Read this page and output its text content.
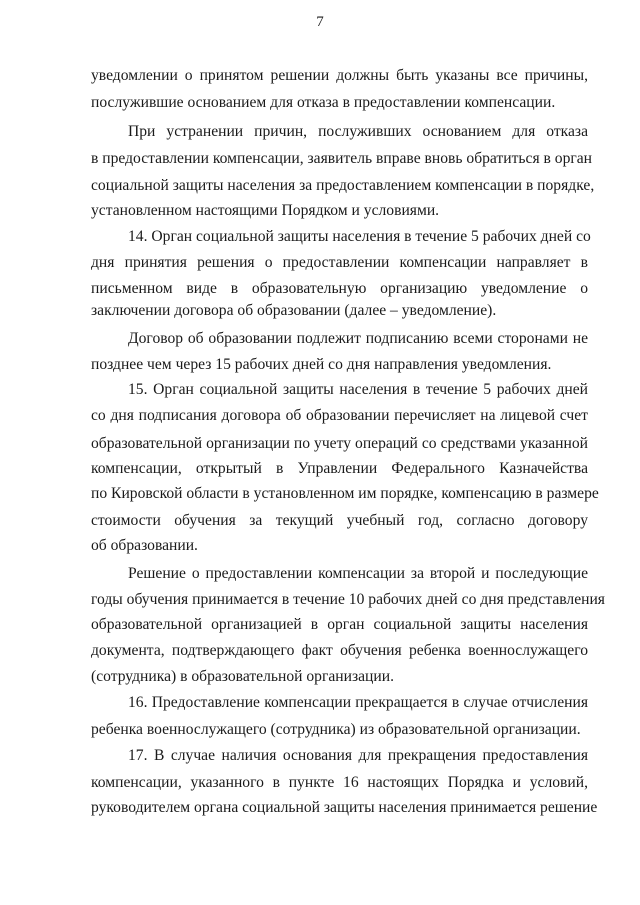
7
уведомлении о принятом решении должны быть указаны все причины,
послужившие основанием для отказа в предоставлении компенсации.
При устранении причин, послуживших основанием для отказа
в предоставлении компенсации, заявитель вправе вновь обратиться в орган
социальной защиты населения за предоставлением компенсации в порядке,
установленном настоящими Порядком и условиями.
14. Орган социальной защиты населения в течение 5 рабочих дней со
дня принятия решения о предоставлении компенсации направляет в
письменном виде в образовательную организацию уведомление о
заключении договора об образовании (далее – уведомление).
Договор об образовании подлежит подписанию всеми сторонами не
позднее чем через 15 рабочих дней со дня направления уведомления.
15. Орган социальной защиты населения в течение 5 рабочих дней
со дня подписания договора об образовании перечисляет на лицевой счет
образовательной организации по учету операций со средствами указанной
компенсации, открытый в Управлении Федерального Казначейства
по Кировской области в установленном им порядке, компенсацию в размере
стоимости обучения за текущий учебный год, согласно договору
об образовании.
Решение о предоставлении компенсации за второй и последующие
годы обучения принимается в течение 10 рабочих дней со дня представления
образовательной организацией в орган социальной защиты населения
документа, подтверждающего факт обучения ребенка военнослужащего
(сотрудника) в образовательной организации.
16. Предоставление компенсации прекращается в случае отчисления
ребенка военнослужащего (сотрудника) из образовательной организации.
17. В случае наличия основания для прекращения предоставления
компенсации, указанного в пункте 16 настоящих Порядка и условий,
руководителем органа социальной защиты населения принимается решение
